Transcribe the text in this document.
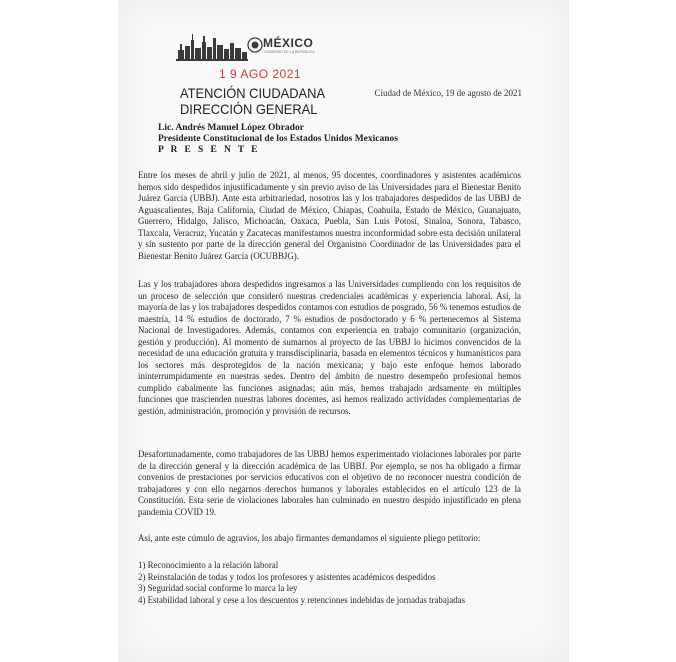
MÉXICO
GOBIERNO DE LA REPÚBLICA
1 9 AGO 2021
ATENCIÓN CIUDADANA
DIRECCIÓN GENERAL
Ciudad de México, 19 de agosto de 2021
Lic. Andrés Manuel López Obrador
Presidente Constitucional de los Estados Unidos Mexicanos
P R E S E N T E
Entre los meses de abril y julio de 2021, al menos, 95 docentes, coordinadores y asistentes académicos hemos sido despedidos injustificadamente y sin previo aviso de las Universidades para el Bienestar Benito Juárez García (UBBJ). Ante esta arbitrariedad, nosotros las y los trabajadores despedidos de las UBBJ de Aguascalientes, Baja California, Ciudad de México, Chiapas, Coahuila, Estado de México, Guanajuato, Guerrero, Hidalgo, Jalisco, Michoacán, Oaxaca, Puebla, San Luis Potosí, Sinaloa, Sonora, Tabasco, Tlaxcala, Veracruz, Yucatán y Zacatecas manifestamos nuestra inconformidad sobre esta decisión unilateral y sin sustento por parte de la dirección general del Organismo Coordinador de las Universidades para el Bienestar Benito Juárez García (OCUBBJG).
Las y los trabajadores ahora despedidos ingresamos a las Universidades cumpliendo con los requisitos de un proceso de selección que consideró nuestras credenciales académicas y experiencia laboral. Así, la mayoría de las y los trabajadores despedidos contamos con estudios de posgrado, 56 % tenemos estudios de maestría, 14 % estudios de doctorado, 7 % estudios de posdoctorado y 6 % pertenecemos al Sistema Nacional de Investigadores. Además, contamos con experiencia en trabajo comunitario (organización, gestión y producción). Al momento de sumarnos al proyecto de las UBBJ lo hicimos convencidos de la necesidad de una educación gratuita y transdisciplinaria, basada en elementos técnicos y humanísticos para los sectores más desprotegidos de la nación mexicana; y bajo este enfoque hemos laborado ininterrumpidamente en nuestras sedes. Dentro del ámbito de nuestro desempeño profesional hemos cumplido cabalmente las funciones asignadas; aún más, hemos trabajado ardsamente en múltiples funciones que trascienden nuestras labores docentes, así hemos realizado actividades complementarias de gestión, administración, promoción y provisión de recursos.
Desafortunadamente, como trabajadores de las UBBJ hemos experimentado violaciones laborales por parte de la dirección general y la dirección académica de las UBBJ. Por ejemplo, se nos ha obligado a firmar convenios de prestaciones por servicios educativos con el objetivo de no reconocer nuestra condición de trabajadores y con ello negarnos derechos humanos y laborales establecidos en el artículo 123 de la Constitución. Esta serie de violaciones laborales han culminado en nuestro despido injustificado en plena pandemia COVID 19.
Así, ante este cúmulo de agravios, los abajo firmantes demandamos el siguiente pliego petitorio:
1) Reconocimiento a la relación laboral
2) Reinstalación de todas y todos los profesores y asistentes académicos despedidos
3) Seguridad social conforme lo marca la ley
4) Estabilidad laboral y cese a los descuentos y retenciones indebidas de jornadas trabajadas
